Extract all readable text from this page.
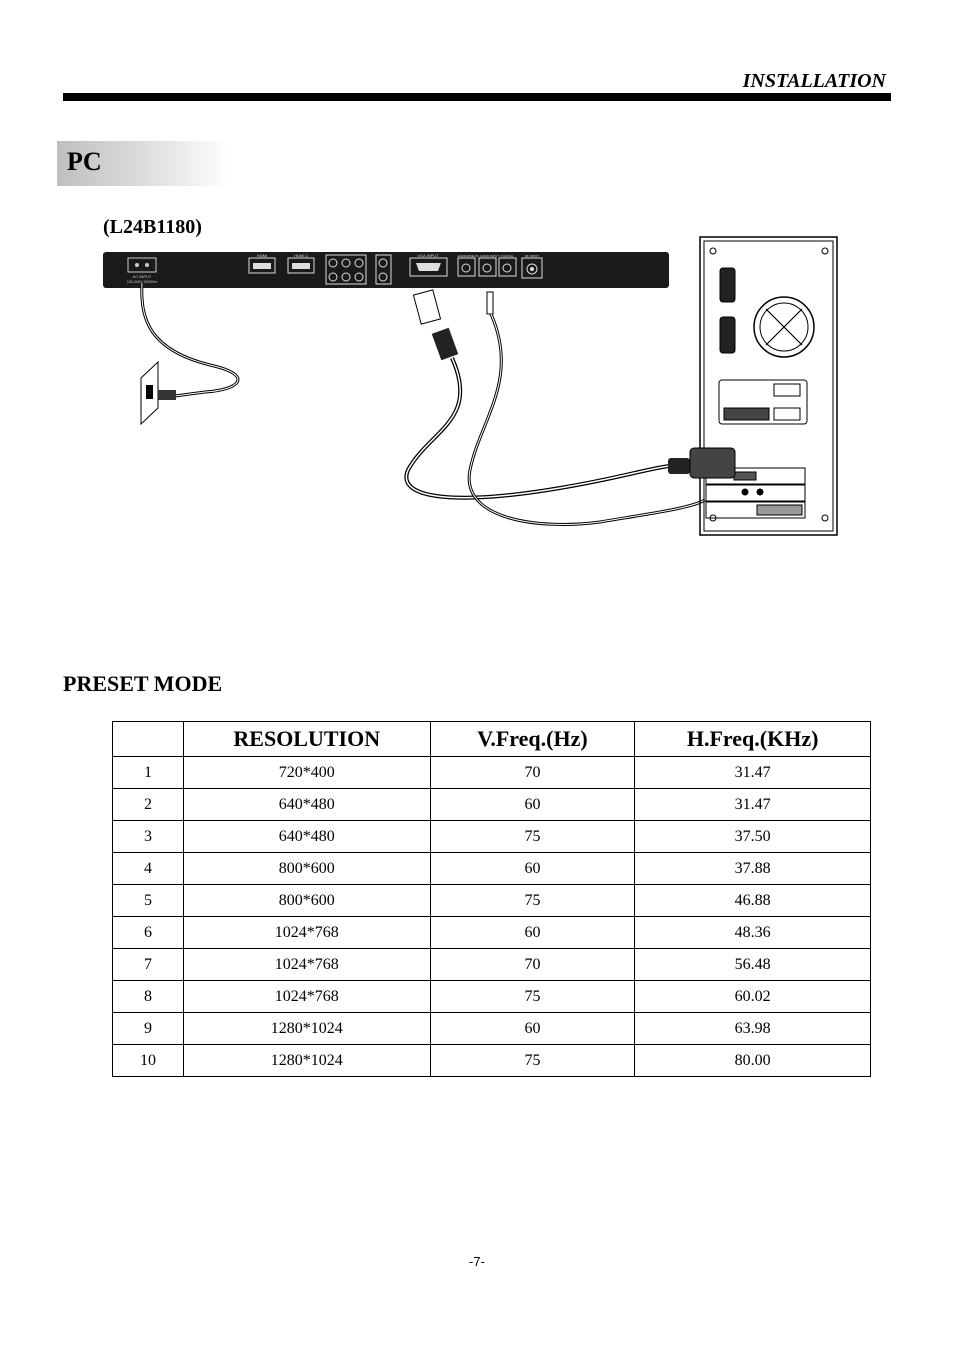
INSTALLATION
PC
(L24B1180)
AC INPUT
100-240V~50/60Hz
HDMI	HDMI 2	VGA INPUT	EARPHONE PC AUDIO INPUT COAXIAL	RF INPUT
PRESET MODE
	RESOLUTION	V.Freq.(Hz)	H.Freq.(KHz)
1	720*400	70	31.47
2	640*480	60	31.47
3	640*480	75	37.50
4	800*600	60	37.88
5	800*600	75	46.88
6	1024*768	60	48.36
7	1024*768	70	56.48
8	1024*768	75	60.02
9	1280*1024	60	63.98
10	1280*1024	75	80.00
-7-
